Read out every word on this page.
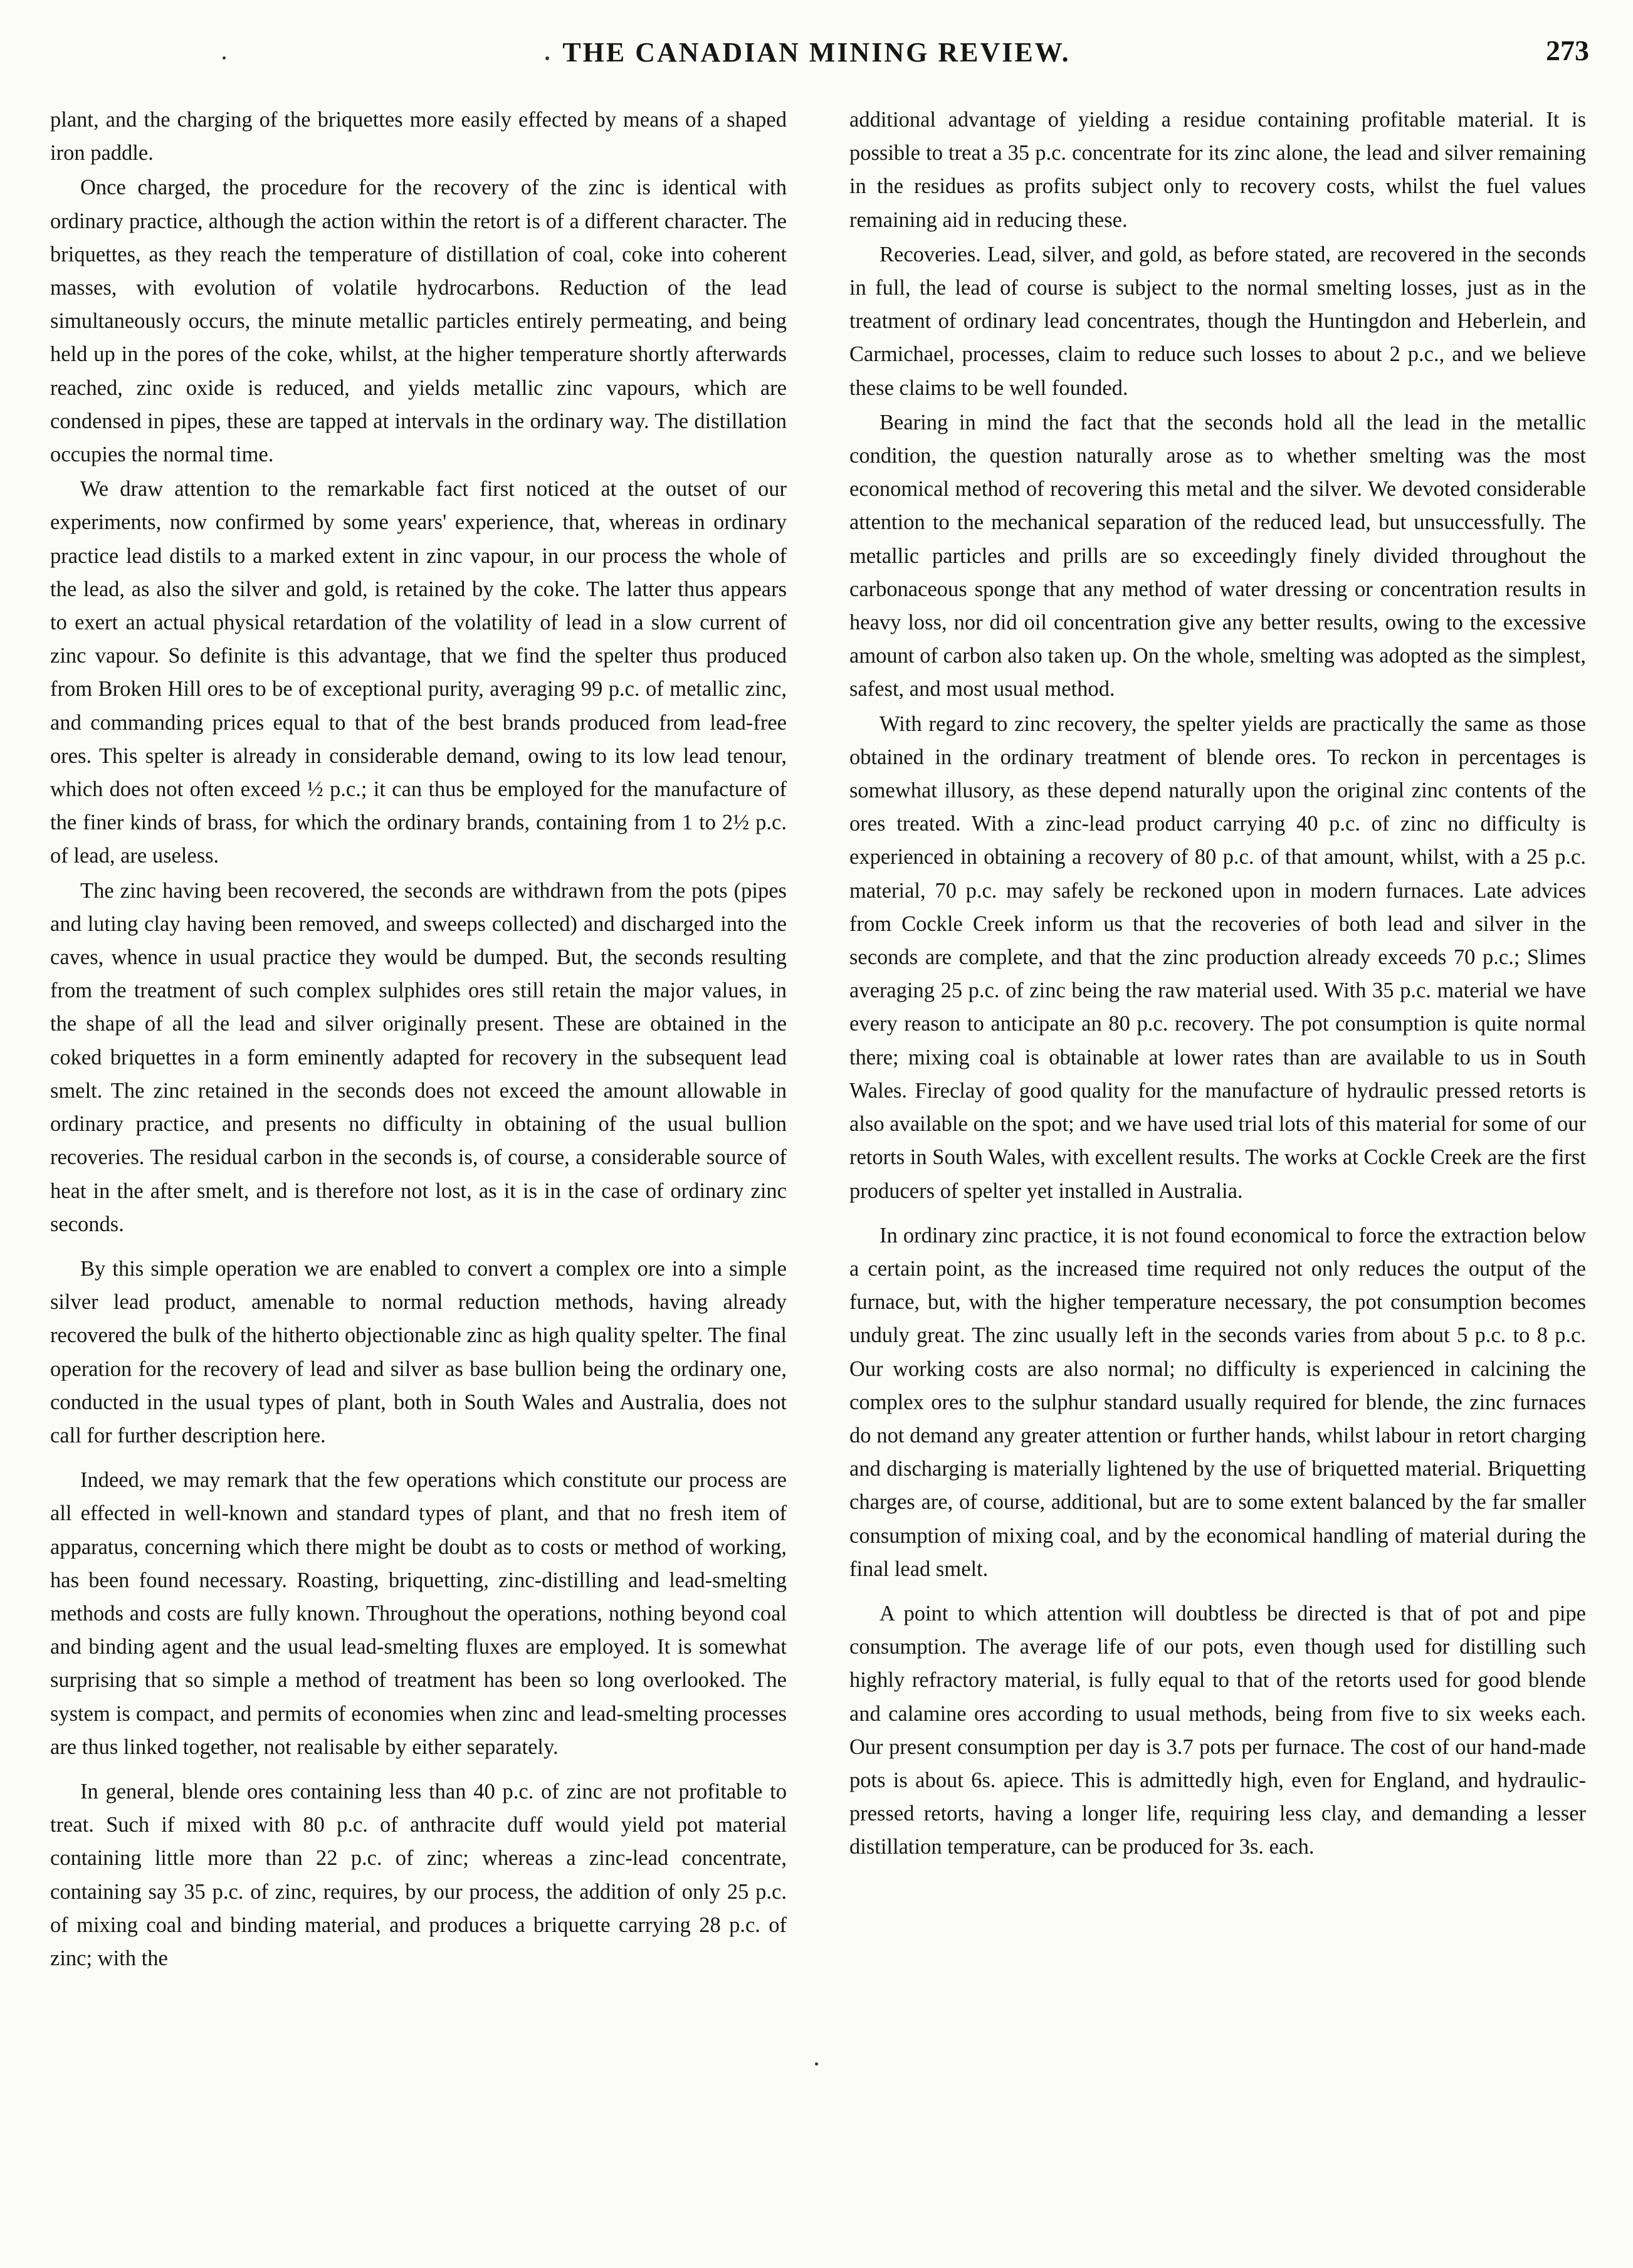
THE CANADIAN MINING REVIEW.	273

plant, and the charging of the briquettes more easily effected by means of a shaped iron paddle.

Once charged, the procedure for the recovery of the zinc is identical with ordinary practice, although the action within the retort is of a different character. The briquettes, as they reach the temperature of distillation of coal, coke into coherent masses, with evolution of volatile hydrocarbons. Reduction of the lead simultaneously occurs, the minute metallic particles entirely permeating, and being held up in the pores of the coke, whilst, at the higher temperature shortly afterwards reached, zinc oxide is reduced, and yields metallic zinc vapours, which are condensed in pipes, these are tapped at intervals in the ordinary way. The distillation occupies the normal time.

We draw attention to the remarkable fact first noticed at the outset of our experiments, now confirmed by some years' experience, that, whereas in ordinary practice lead distils to a marked extent in zinc vapour, in our process the whole of the lead, as also the silver and gold, is retained by the coke. The latter thus appears to exert an actual physical retardation of the volatility of lead in a slow current of zinc vapour. So definite is this advantage, that we find the spelter thus produced from Broken Hill ores to be of exceptional purity, averaging 99 p.c. of metallic zinc, and commanding prices equal to that of the best brands produced from lead-free ores. This spelter is already in considerable demand, owing to its low lead tenour, which does not often exceed ½ p.c.; it can thus be employed for the manufacture of the finer kinds of brass, for which the ordinary brands, containing from 1 to 2½ p.c. of lead, are useless.

The zinc having been recovered, the seconds are withdrawn from the pots (pipes and luting clay having been removed, and sweeps collected) and discharged into the caves, whence in usual practice they would be dumped. But, the seconds resulting from the treatment of such complex sulphides ores still retain the major values, in the shape of all the lead and silver originally present. These are obtained in the coked briquettes in a form eminently adapted for recovery in the subsequent lead smelt. The zinc retained in the seconds does not exceed the amount allowable in ordinary practice, and presents no difficulty in obtaining of the usual bullion recoveries. The residual carbon in the seconds is, of course, a considerable source of heat in the after smelt, and is therefore not lost, as it is in the case of ordinary zinc seconds.

By this simple operation we are enabled to convert a complex ore into a simple silver lead product, amenable to normal reduction methods, having already recovered the bulk of the hitherto objectionable zinc as high quality spelter. The final operation for the recovery of lead and silver as base bullion being the ordinary one, conducted in the usual types of plant, both in South Wales and Australia, does not call for further description here.

Indeed, we may remark that the few operations which constitute our process are all effected in well-known and standard types of plant, and that no fresh item of apparatus, concerning which there might be doubt as to costs or method of working, has been found necessary. Roasting, briquetting, zinc-distilling and lead-smelting methods and costs are fully known. Throughout the operations, nothing beyond coal and binding agent and the usual lead-smelting fluxes are employed. It is somewhat surprising that so simple a method of treatment has been so long overlooked. The system is compact, and permits of economies when zinc and lead-smelting processes are thus linked together, not realisable by either separately.

In general, blende ores containing less than 40 p.c. of zinc are not profitable to treat. Such if mixed with 80 p.c. of anthracite duff would yield pot material containing little more than 22 p.c. of zinc; whereas a zinc-lead concentrate, containing say 35 p.c. of zinc, requires, by our process, the addition of only 25 p.c. of mixing coal and binding material, and produces a briquette carrying 28 p.c. of zinc; with the

additional advantage of yielding a residue containing profitable material. It is possible to treat a 35 p.c. concentrate for its zinc alone, the lead and silver remaining in the residues as profits subject only to recovery costs, whilst the fuel values remaining aid in reducing these.

Recoveries. Lead, silver, and gold, as before stated, are recovered in the seconds in full, the lead of course is subject to the normal smelting losses, just as in the treatment of ordinary lead concentrates, though the Huntingdon and Heberlein, and Carmichael, processes, claim to reduce such losses to about 2 p.c., and we believe these claims to be well founded.

Bearing in mind the fact that the seconds hold all the lead in the metallic condition, the question naturally arose as to whether smelting was the most economical method of recovering this metal and the silver. We devoted considerable attention to the mechanical separation of the reduced lead, but unsuccessfully. The metallic particles and prills are so exceedingly finely divided throughout the carbonaceous sponge that any method of water dressing or concentration results in heavy loss, nor did oil concentration give any better results, owing to the excessive amount of carbon also taken up. On the whole, smelting was adopted as the simplest, safest, and most usual method.

With regard to zinc recovery, the spelter yields are practically the same as those obtained in the ordinary treatment of blende ores. To reckon in percentages is somewhat illusory, as these depend naturally upon the original zinc contents of the ores treated. With a zinc-lead product carrying 40 p.c. of zinc no difficulty is experienced in obtaining a recovery of 80 p.c. of that amount, whilst, with a 25 p.c. material, 70 p.c. may safely be reckoned upon in modern furnaces. Late advices from Cockle Creek inform us that the recoveries of both lead and silver in the seconds are complete, and that the zinc production already exceeds 70 p.c.; Slimes averaging 25 p.c. of zinc being the raw material used. With 35 p.c. material we have every reason to anticipate an 80 p.c. recovery. The pot consumption is quite normal there; mixing coal is obtainable at lower rates than are available to us in South Wales. Fireclay of good quality for the manufacture of hydraulic pressed retorts is also available on the spot; and we have used trial lots of this material for some of our retorts in South Wales, with excellent results. The works at Cockle Creek are the first producers of spelter yet installed in Australia.

In ordinary zinc practice, it is not found economical to force the extraction below a certain point, as the increased time required not only reduces the output of the furnace, but, with the higher temperature necessary, the pot consumption becomes unduly great. The zinc usually left in the seconds varies from about 5 p.c. to 8 p.c. Our working costs are also normal; no difficulty is experienced in calcining the complex ores to the sulphur standard usually required for blende, the zinc furnaces do not demand any greater attention or further hands, whilst labour in retort charging and discharging is materially lightened by the use of briquetted material. Briquetting charges are, of course, additional, but are to some extent balanced by the far smaller consumption of mixing coal, and by the economical handling of material during the final lead smelt.

A point to which attention will doubtless be directed is that of pot and pipe consumption. The average life of our pots, even though used for distilling such highly refractory material, is fully equal to that of the retorts used for good blende and calamine ores according to usual methods, being from five to six weeks each. Our present consumption per day is 3.7 pots per furnace. The cost of our hand-made pots is about 6s. apiece. This is admittedly high, even for England, and hydraulic-pressed retorts, having a longer life, requiring less clay, and demanding a lesser distillation temperature, can be produced for 3s. each.
